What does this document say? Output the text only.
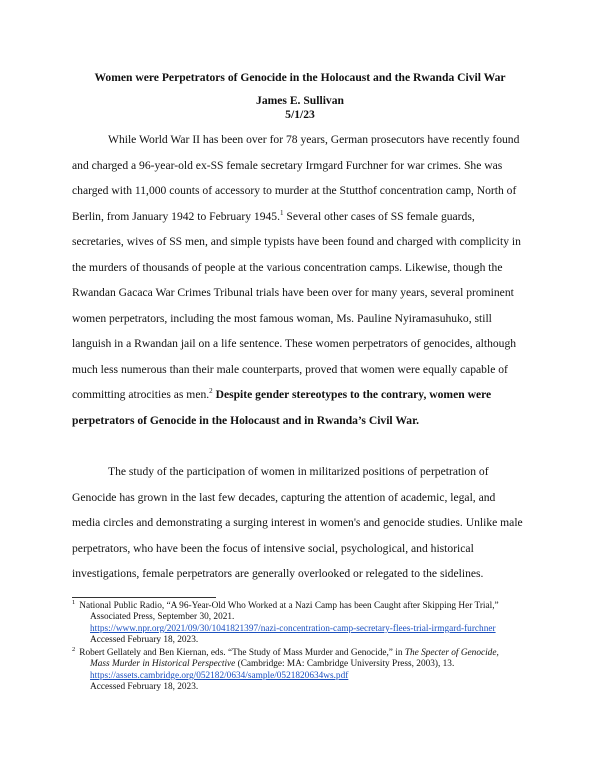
Women were Perpetrators of Genocide in the Holocaust and the Rwanda Civil War
James E. Sullivan
5/1/23
While World War II has been over for 78 years, German prosecutors have recently found
and charged a 96-year-old ex-SS female secretary Irmgard Furchner for war crimes. She was
charged with 11,000 counts of accessory to murder at the Stutthof concentration camp, North of
Berlin, from January 1942 to February 1945.$^1$ Several other cases of SS female guards,
secretaries, wives of SS men, and simple typists have been found and charged with complicity in
the murders of thousands of people at the various concentration camps. Likewise, though the
Rwandan Gacaca War Crimes Tribunal trials have been over for many years, several prominent
women perpetrators, including the most famous woman, Ms. Pauline Nyiramasuhuko, still
languish in a Rwandan jail on a life sentence. These women perpetrators of genocides, although
much less numerous than their male counterparts, proved that women were equally capable of
committing atrocities as men.$^2$ Despite gender stereotypes to the contrary, women were
perpetrators of Genocide in the Holocaust and in Rwanda’s Civil War.
The study of the participation of women in militarized positions of perpetration of
Genocide has grown in the last few decades, capturing the attention of academic, legal, and
media circles and demonstrating a surging interest in women's and genocide studies. Unlike male
perpetrators, who have been the focus of intensive social, psychological, and historical
investigations, female perpetrators are generally overlooked or relegated to the sidelines.
$^1$ National Public Radio, “A 96-Year-Old Who Worked at a Nazi Camp has been Caught after Skipping Her Trial,”
Associated Press, September 30, 2021.
https://www.npr.org/2021/09/30/1041821397/nazi-concentration-camp-secretary-flees-trial-irmgard-furchner
Accessed February 18, 2023.
$^2$ Robert Gellately and Ben Kiernan, eds. “The Study of Mass Murder and Genocide,” in The Specter of Genocide,
Mass Murder in Historical Perspective (Cambridge: MA: Cambridge University Press, 2003), 13.
https://assets.cambridge.org/052182/0634/sample/0521820634ws.pdf
Accessed February 18, 2023.
